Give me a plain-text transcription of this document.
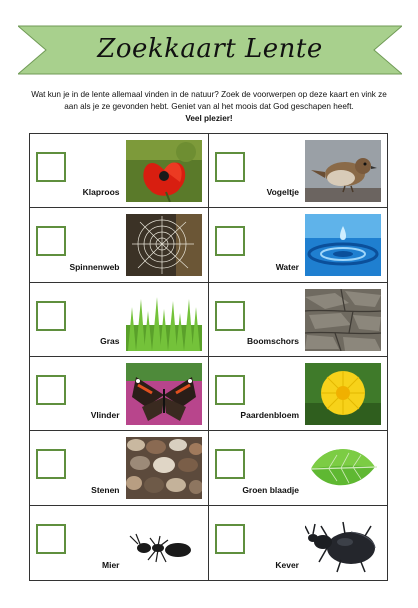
Zoekkaart Lente
Wat kun je in de lente allemaal vinden in de natuur? Zoek de voorwerpen op deze kaart en vink ze aan als je ze gevonden hebt. Geniet van al het moois dat God geschapen heeft.
Veel plezier!
Klaproos	Vogeltje
Spinnenweb	Water
Gras	Boomschors
Vlinder	Paardenbloem
Stenen	Groen blaadje
Mier	Kever
